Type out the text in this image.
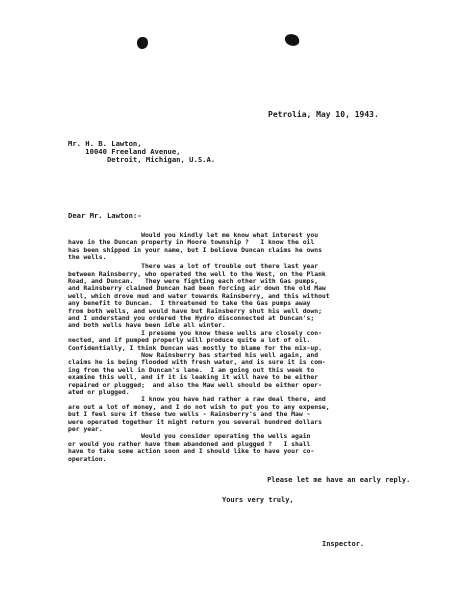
Petrolia, May 10, 1943.
Mr. H. B. Lawton,
10040 Freeland Avenue,
Detroit, Michigan, U.S.A.
Dear Mr. Lawton:-
Would you kindly let me know what interest you
have in the Duncan property in Moore township ?   I know the oil
has been shipped in your name, but I believe Duncan claims he owns
the wells.
There was a lot of trouble out there last year
between Rainsberry, who operated the well to the West, on the Plank
Road, and Duncan.   They were fighting each other with Gas pumps,
and Rainsberry claimed Duncan had been forcing air down the old Maw
well, which drove mud and water towards Rainsberry, and this without
any benefit to Duncan.  I threatened to take the Gas pumps away
from both wells, and would have but Rainsberry shut his well down;
and I understand you ordered the Hydro disconnected at Duncan's;
and both wells have been idle all winter.
I presume you know these wells are closely con-
nected, and if pumped properly will produce quite a lot of oil.
Confidentially, I think Duncan was mostly to blame for the mix-up.
Now Rainsberry has started his well again, and
claims he is being flooded with fresh water, and is sure it is com-
ing from the well in Duncan's lane.  I am going out this week to
examine this well, and if it is leaking it will have to be either
repaired or plugged;  and also the Maw well should be either oper-
ated or plugged.
I know you have had rather a raw deal there, and
are out a lot of money, and I do not wish to put you to any expense,
but I feel sure if these two wells - Rainsberry's and the Maw -
were operated together it might return you several hundred dollars
per year.
Would you consider operating the wells again
or would you rather have them abandoned and plugged ?   I shall
have to take some action soon and I should like to have your co-
operation.
Please let me have an early reply.
Yours very truly,
Inspector.
